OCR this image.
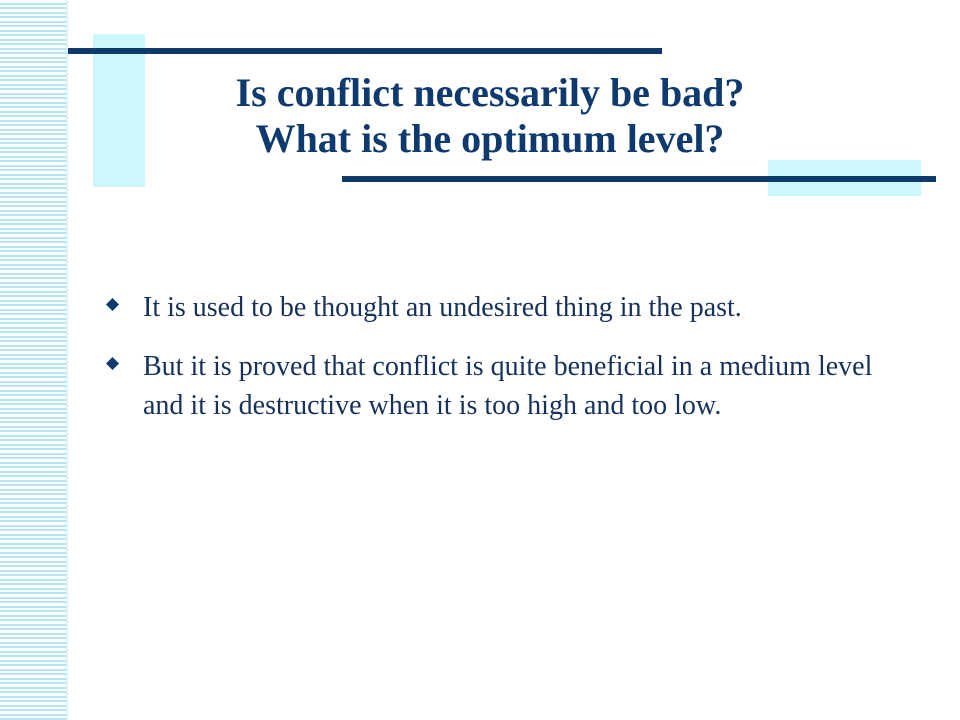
Is conflict necessarily be bad?
What is the optimum level?
It is used to be thought an undesired thing in the past.
But it is proved that conflict is quite beneficial in a medium level and it is destructive when it is too high and too low.
